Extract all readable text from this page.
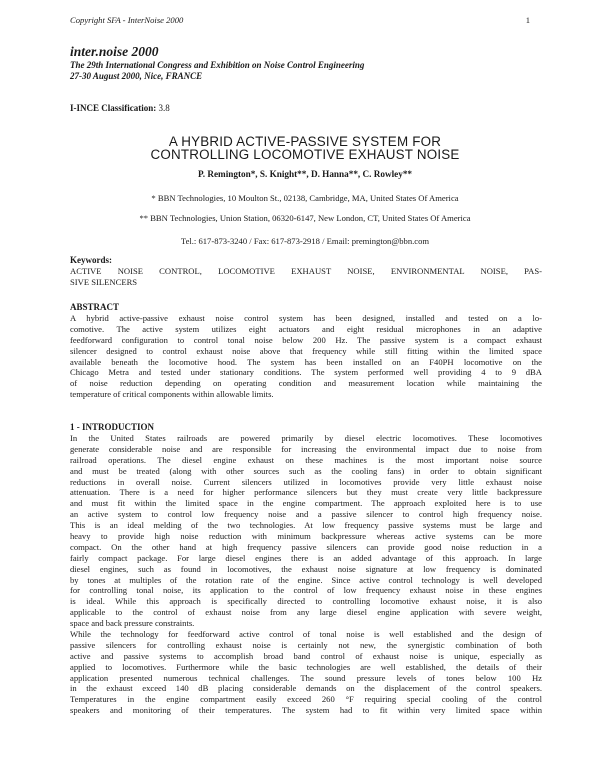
Copyright SFA - InterNoise 2000	1
inter.noise 2000
The 29th International Congress and Exhibition on Noise Control Engineering
27-30 August 2000, Nice, FRANCE
I-INCE Classification: 3.8
A HYBRID ACTIVE-PASSIVE SYSTEM FOR
CONTROLLING LOCOMOTIVE EXHAUST NOISE
P. Remington*, S. Knight**, D. Hanna**, C. Rowley**
* BBN Technologies, 10 Moulton St., 02138, Cambridge, MA, United States Of America
** BBN Technologies, Union Station, 06320-6147, New London, CT, United States Of America
Tel.: 617-873-3240 / Fax: 617-873-2918 / Email: premington@bbn.com
Keywords:
ACTIVE NOISE CONTROL, LOCOMOTIVE EXHAUST NOISE, ENVIRONMENTAL NOISE, PAS-
SIVE SILENCERS
ABSTRACT
A hybrid active-passive exhaust noise control system has been designed, installed and tested on a lo-
comotive. The active system utilizes eight actuators and eight residual microphones in an adaptive
feedforward configuration to control tonal noise below 200 Hz. The passive system is a compact exhaust
silencer designed to control exhaust noise above that frequency while still fitting within the limited space
available beneath the locomotive hood. The system has been installed on an F40PH locomotive on the
Chicago Metra and tested under stationary conditions. The system performed well providing 4 to 9 dBA
of noise reduction depending on operating condition and measurement location while maintaining the
temperature of critical components within allowable limits.
1 - INTRODUCTION
In the United States railroads are powered primarily by diesel electric locomotives. These locomotives
generate considerable noise and are responsible for increasing the environmental impact due to noise from
railroad operations. The diesel engine exhaust on these machines is the most important noise source
and must be treated (along with other sources such as the cooling fans) in order to obtain significant
reductions in overall noise. Current silencers utilized in locomotives provide very little exhaust noise
attenuation. There is a need for higher performance silencers but they must create very little backpressure
and must fit within the limited space in the engine compartment. The approach exploited here is to use
an active system to control low frequency noise and a passive silencer to control high frequency noise.
This is an ideal melding of the two technologies. At low frequency passive systems must be large and
heavy to provide high noise reduction with minimum backpressure whereas active systems can be more
compact. On the other hand at high frequency passive silencers can provide good noise reduction in a
fairly compact package. For large diesel engines there is an added advantage of this approach. In large
diesel engines, such as found in locomotives, the exhaust noise signature at low frequency is dominated
by tones at multiples of the rotation rate of the engine. Since active control technology is well developed
for controlling tonal noise, its application to the control of low frequency exhaust noise in these engines
is ideal. While this approach is specifically directed to controlling locomotive exhaust noise, it is also
applicable to the control of exhaust noise from any large diesel engine application with severe weight,
space and back pressure constraints.
While the technology for feedforward active control of tonal noise is well established and the design of
passive silencers for controlling exhaust noise is certainly not new, the synergistic combination of both
active and passive systems to accomplish broad band control of exhaust noise is unique, especially as
applied to locomotives. Furthermore while the basic technologies are well established, the details of their
application presented numerous technical challenges. The sound pressure levels of tones below 100 Hz
in the exhaust exceed 140 dB placing considerable demands on the displacement of the control speakers.
Temperatures in the engine compartment easily exceed 260 °F requiring special cooling of the control
speakers and monitoring of their temperatures. The system had to fit within very limited space within
